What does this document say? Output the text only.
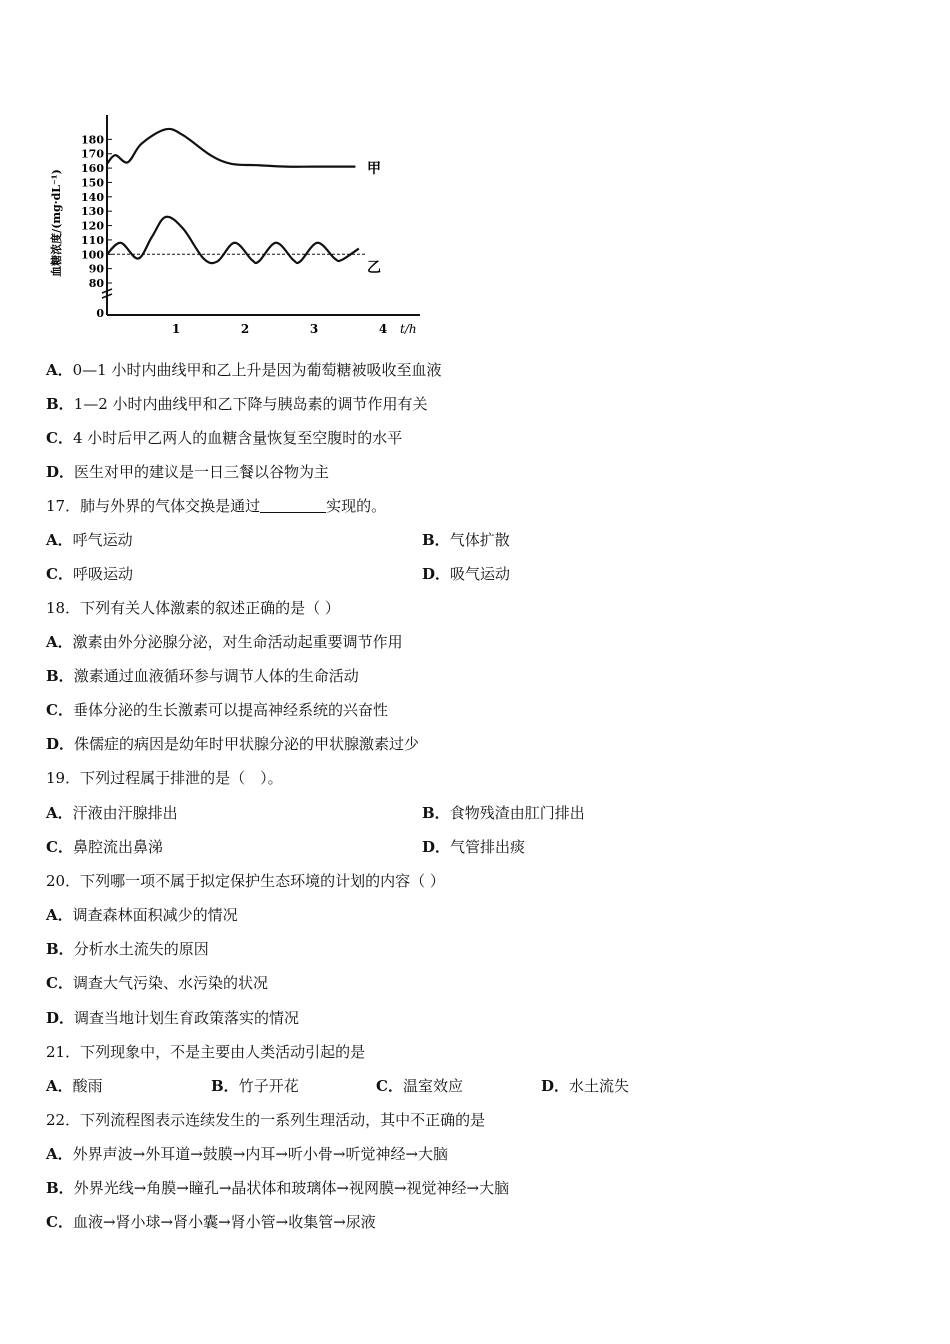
80
90
100
110
120
130
140
150
160
170
180
0
1	2	3	4
血糖浓度/(mg·dL⁻¹)
t/h
甲
乙
A．0—1 小时内曲线甲和乙上升是因为葡萄糖被吸收至血液
B．1—2 小时内曲线甲和乙下降与胰岛素的调节作用有关
C．4 小时后甲乙两人的血糖含量恢复至空腹时的水平
D．医生对甲的建议是一日三餐以谷物为主
17．肺与外界的气体交换是通过	实现的。
A．呼气运动	B．气体扩散
C．呼吸运动	D．吸气运动
18．下列有关人体激素的叙述正确的是（ ）
A．激素由外分泌腺分泌，对生命活动起重要调节作用
B．激素通过血液循环参与调节人体的生命活动
C．垂体分泌的生长激素可以提高神经系统的兴奋性
D．侏儒症的病因是幼年时甲状腺分泌的甲状腺激素过少
19．下列过程属于排泄的是（　）。
A．汗液由汗腺排出	B．食物残渣由肛门排出
C．鼻腔流出鼻涕	D．气管排出痰
20．下列哪一项不属于拟定保护生态环境的计划的内容（ ）
A．调查森林面积减少的情况
B．分析水土流失的原因
C．调查大气污染、水污染的状况
D．调查当地计划生育政策落实的情况
21．下列现象中，不是主要由人类活动引起的是
A．酸雨	B．竹子开花	C．温室效应	D．水土流失
22．下列流程图表示连续发生的一系列生理活动，其中不正确的是
A．外界声波→外耳道→鼓膜→内耳→听小骨→听觉神经→大脑
B．外界光线→角膜→瞳孔→晶状体和玻璃体→视网膜→视觉神经→大脑
C．血液→肾小球→肾小囊→肾小管→收集管→尿液
